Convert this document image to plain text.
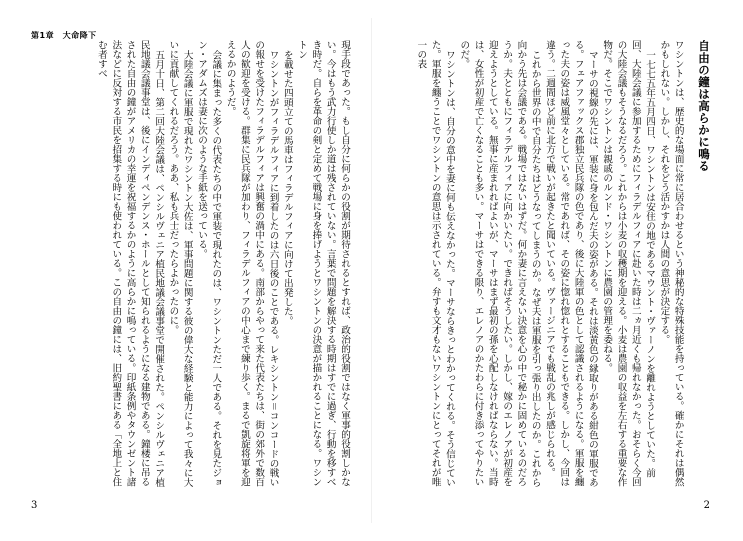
第1章　大命降下

現手段であった。もし自分に何らかの役割が期待されるとすれば、政治的役割ではなく軍事的役割しかない。今はもう武力行使しか道は残されていない。言葉で問題を解決する時期はすでに過ぎ、行動を移すべき時だ。自らを革命の剣と定めて戦場に身を捧げようとワシントンの決意が描かれることになる。ワシントン

を載せた四頭立ての馬車はフィラデルフィアに向けて出発した。

ワシントンがフィラデルフィアに到着したのは六日後のことである。レキシントン＝コンコードの戦いの報せを受けたフィラデルフィアは興奮の渦中にある。南部からやって来た代表たちは、街の郊外で数百人の歓迎を受ける。群集に民兵隊が加わり、フィラデルフィアの中心まで練り歩く。まるで凱旋将軍を迎えるかのようだ。

会議に集まった多くの代表たちの中で軍装で現れたのは、ワシントンただ一人である。それを見たジョン・アダムズは妻に次のような手紙を送っている。

大陸会議に軍服で現れたワシントン大佐は、軍事問題に関する彼の偉大な経験と能力によって我々に大いに貢献してくれるだろう。ああ、私も兵士だったらよかったのに。

五月十日、第二回大陸会議は、ペンシルヴェニア植民地議会議事堂で開催された。ペンシルヴェニア植民地議会議事堂は、後にインディペンデンス・ホールとして知られるようになる建物である。鐘楼に吊るされた自由の鐘がアメリカの幸運を祝福するかのように高らかに鳴っている。印紙条例やタウンゼント諸法などに反対する市民を招集する時にも使われている。この自由の鐘には、旧約聖書にある「全地上と住む者すべ

3
自由の鐘は高らかに鳴る

ワシントンは、歴史的な場面に常に居合わせるという神秘的な特殊技能を持っている。確かにそれは偶然かもしれない。しかし、それをどう活かすかは人間の意思が決定する。

一七七五年五月四日、ワシントンは安住の地であるマウント・ヴァーノンを離れようとしていた。前回、大陸会議に参加するためにフィラデルフィアに赴いた時は二ヵ月近くも帰れなかった。おそらく今回の大陸会議もそうなるだろう。これからは小麦の収穫期を迎える。小麦は農園の収益を左右する重要な作物だ。そこでワシントンは親戚のルンド・ワシントンに農園の管理を委ねる。

マーサの視線の先には、軍装に身を包んだ夫の姿がある。それは淡黄色の縁取りがある紺色の軍服である。フェアファックス郡独立民兵隊の色であり、後に大陸軍の色として認識されるようになる。軍服を纏った夫の姿は威風堂々としている。常であれば、その姿に惚れ惚れとすることもできる。しかし、今回は違う。二週間ほど前に北方で戦いが起きたと聞いている。ヴァージニアでも戦乱の兆しが感じられる。

これから世界の中で自分たちはどうなってしまうのか。なぜ夫は軍服を引っ張り出したのか。これから向かう先は会議である。戦場ではないはずだ。何か妻に言えない決意を心の中で秘かに固めているのだろうか。夫とともにフィラデルフィアに向かいたい。できればそうしたい。しかし、嫁のエレノアが初産を迎えようとしている。無事に産まれればよいが、マーサはまず最初の孫を心配しなければならない。当時は、女性が初産で亡くなることも多い。マーサはできる限り、エレノアのかたわらに付き添ってやりたいのだ。

ワシントンは、自分の意中を妻に何も伝えなかった。マーサならきっとわかってくれる。そう信じていた。軍服を纏うことでワシントンの意思は示されている。弁すも文才もないワシントンにとってそれが唯一の表

2
